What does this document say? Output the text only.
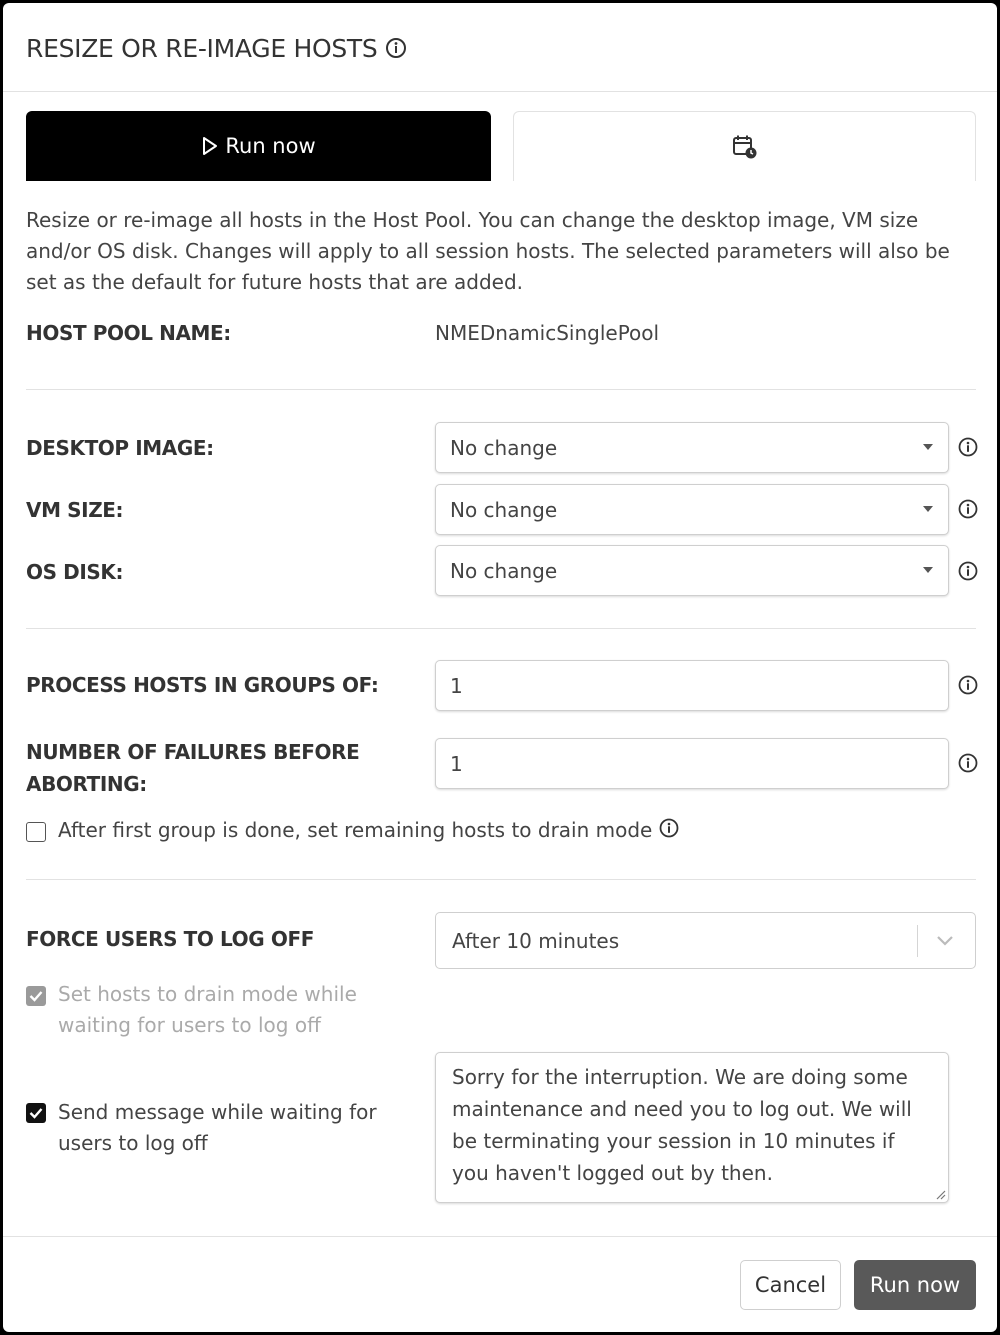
RESIZE OR RE-IMAGE HOSTS
Run now
Resize or re-image all hosts in the Host Pool. You can change the desktop image, VM size and/or OS disk. Changes will apply to all session hosts. The selected parameters will also be set as the default for future hosts that are added.
HOST POOL NAME:	NMEDnamicSinglePool
DESKTOP IMAGE:	No change
VM SIZE:	No change
OS DISK:	No change
PROCESS HOSTS IN GROUPS OF:	1
NUMBER OF FAILURES BEFORE
ABORTING:
1
After first group is done, set remaining hosts to drain mode
FORCE USERS TO LOG OFF	After 10 minutes
Set hosts to drain mode while
waiting for users to log off
Send message while waiting for
users to log off
Sorry for the interruption. We are doing some maintenance and need you to log out. We will be terminating your session in 10 minutes if you haven't logged out by then.
Cancel	Run now
